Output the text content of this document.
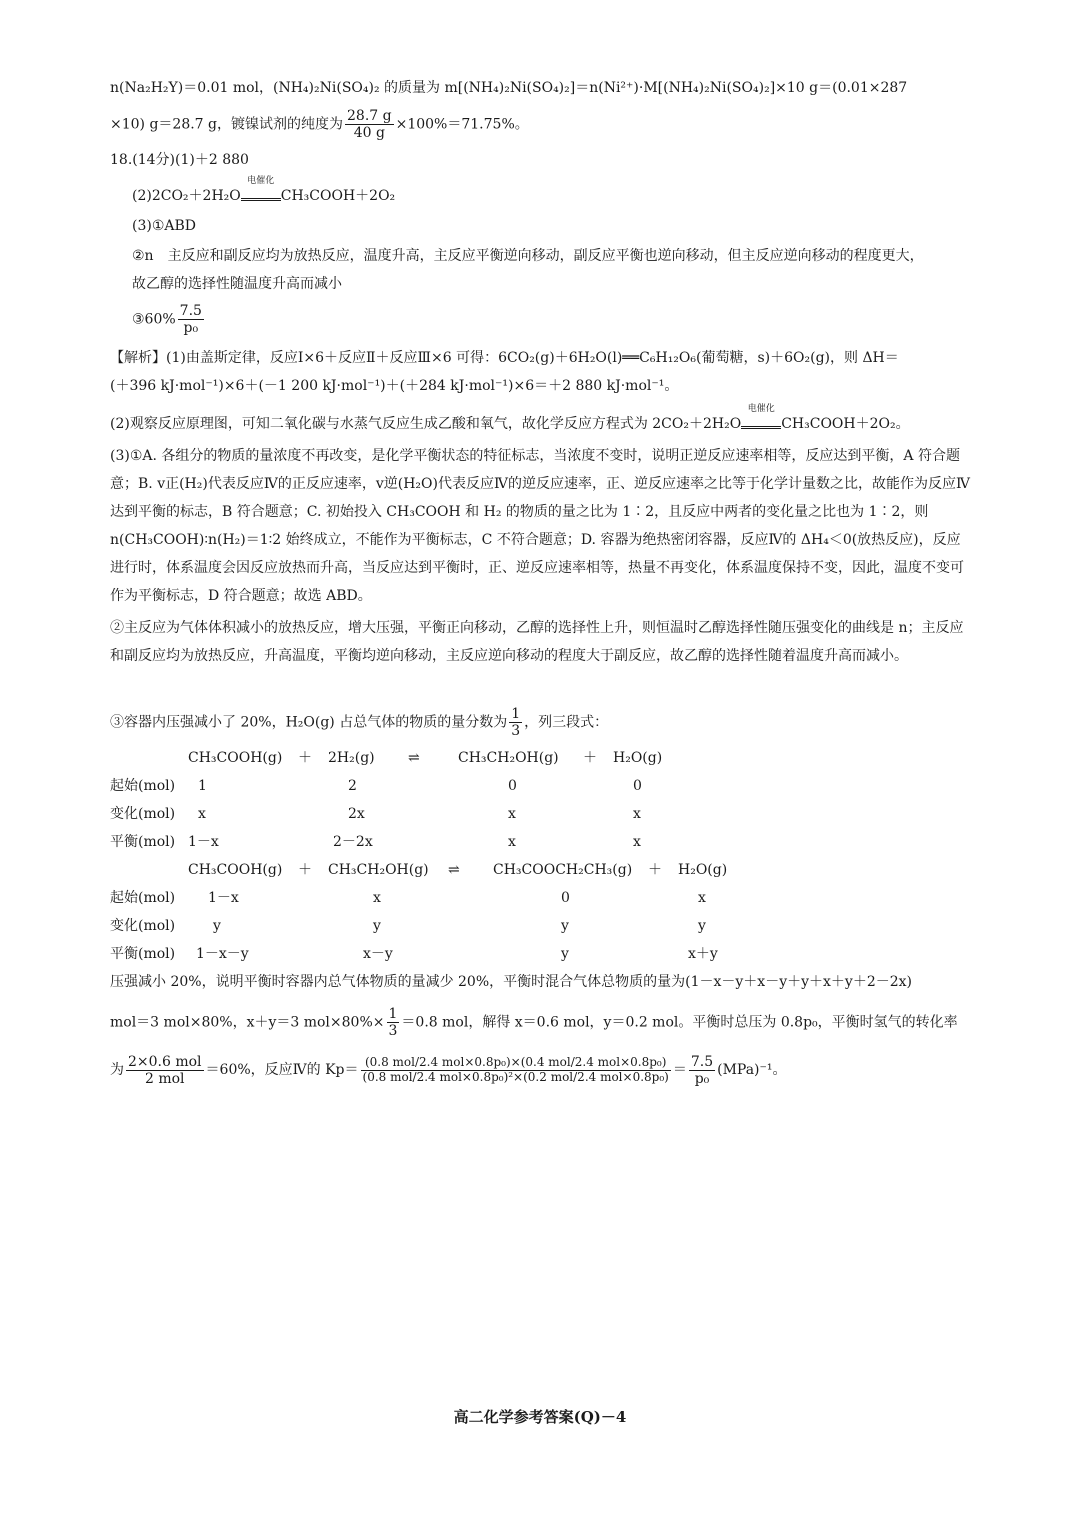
n(Na₂H₂Y)＝0.01 mol，(NH₄)₂Ni(SO₄)₂ 的质量为 m[(NH₄)₂Ni(SO₄)₂]＝n(Ni²⁺)·M[(NH₄)₂Ni(SO₄)₂]×10 g＝(0.01×287
×10) g＝28.7 g，镀镍试剂的纯度为 $\frac{28.7 g}{40 g} \times 100\%=71.75\%$。
18.(14分)(1)＋2 880
(2)2CO₂＋2H₂O
电催化
CH₃COOH＋2O₂
(3)①ABD
②n　主反应和副反应均为放热反应，温度升高，主反应平衡逆向移动，副反应平衡也逆向移动，但主反应逆向移动的程度更大，
故乙醇的选择性随温度升高而减小
③60% $\frac{7.5}{\text{p₀}}$
【解析】(1)由盖斯定律，反应Ⅰ×6＋反应Ⅱ＋反应Ⅲ×6 可得：6CO₂(g)＋6H₂O(l)══C₆H₁₂O₆(葡萄糖，s)＋6O₂(g)，则 ΔH＝
(＋396 kJ·mol⁻¹)×6＋(－1 200 kJ·mol⁻¹)＋(＋284 kJ·mol⁻¹)×6＝＋2 880 kJ·mol⁻¹。
(2)观察反应原理图，可知二氧化碳与水蒸气反应生成乙酸和氧气，故化学反应方程式为 2CO₂＋2H₂O
电催化
CH₃COOH＋2O₂。
(3)①A. 各组分的物质的量浓度不再改变，是化学平衡状态的特征标志，当浓度不变时，说明正逆反应速率相等，反应达到平衡，A 符合题意；B. v正(H₂)代表反应Ⅳ的正反应速率，v逆(H₂O)代表反应Ⅳ的逆反应速率，正、逆反应速率之比等于化学计量数之比，故能作为反应Ⅳ达到平衡的标志，B 符合题意；C. 初始投入 CH₃COOH 和 H₂ 的物质的量之比为 1∶2，且反应中两者的变化量之比也为 1∶2，则 n(CH₃COOH)∶n(H₂)＝1∶2 始终成立，不能作为平衡标志，C 不符合题意；D. 容器为绝热密闭容器，反应Ⅳ的 ΔH₄＜0(放热反应)，反应进行时，体系温度会因反应放热而升高，当反应达到平衡时，正、逆反应速率相等，热量不再变化，体系温度保持不变，因此，温度不变可作为平衡标志，D 符合题意；故选 ABD。
②主反应为气体体积减小的放热反应，增大压强，平衡正向移动，乙醇的选择性上升，则恒温时乙醇选择性随压强变化的曲线是 n；主反应和副反应均为放热反应，升高温度，平衡均逆向移动，主反应逆向移动的程度大于副反应，故乙醇的选择性随着温度升高而减小。
③容器内压强减小了 20%，H₂O(g) 占总气体的物质的量分数为 $\frac{1}{3}$ ，列三段式：
	CH₃COOH(g)	＋	2H₂(g)	⇌	CH₃CH₂OH(g)	＋	H₂O(g)
起始(mol)	1		2		0		0
变化(mol)	x		2x		x		x
平衡(mol)	1－x		2－2x		x		x
	CH₃COOH(g)	＋	CH₃CH₂OH(g)	⇌	CH₃COOCH₂CH₃(g)	＋	H₂O(g)
起始(mol)	1－x		x		0		x
变化(mol)	y		y		y		y
平衡(mol)	1－x－y		x－y		y		x＋y
压强减小 20%，说明平衡时容器内总气体物质的量减少 20%，平衡时混合气体总物质的量为(1－x－y＋x－y＋y＋x＋y＋2－2x)
mol＝3 mol×80%，x＋y＝3 $mol\times 80\%\times \frac{1}{3} =0.8$ mol，解得 x＝0.6 mol，y＝0.2 mol。平衡时总压为 0.8p₀，平衡时氢气的转化率
为 $\frac{\text{2×0.6 mol}}{\text{2 mol}} =60\%$，反应Ⅳ的 $Kp= \frac{\text{(0.8 mol/2.4 mol×0.8p₀)×(0.4 mol/2.4 mol×0.8p₀)}}{\text{(0.8 mol/2.4 mol×0.8p₀)²×(0.2 mol/2.4 mol×0.8p₀)}} = \frac{7.5}{\text{p₀}} (MPa)^{-1}$。
高二化学参考答案(Q)－4
